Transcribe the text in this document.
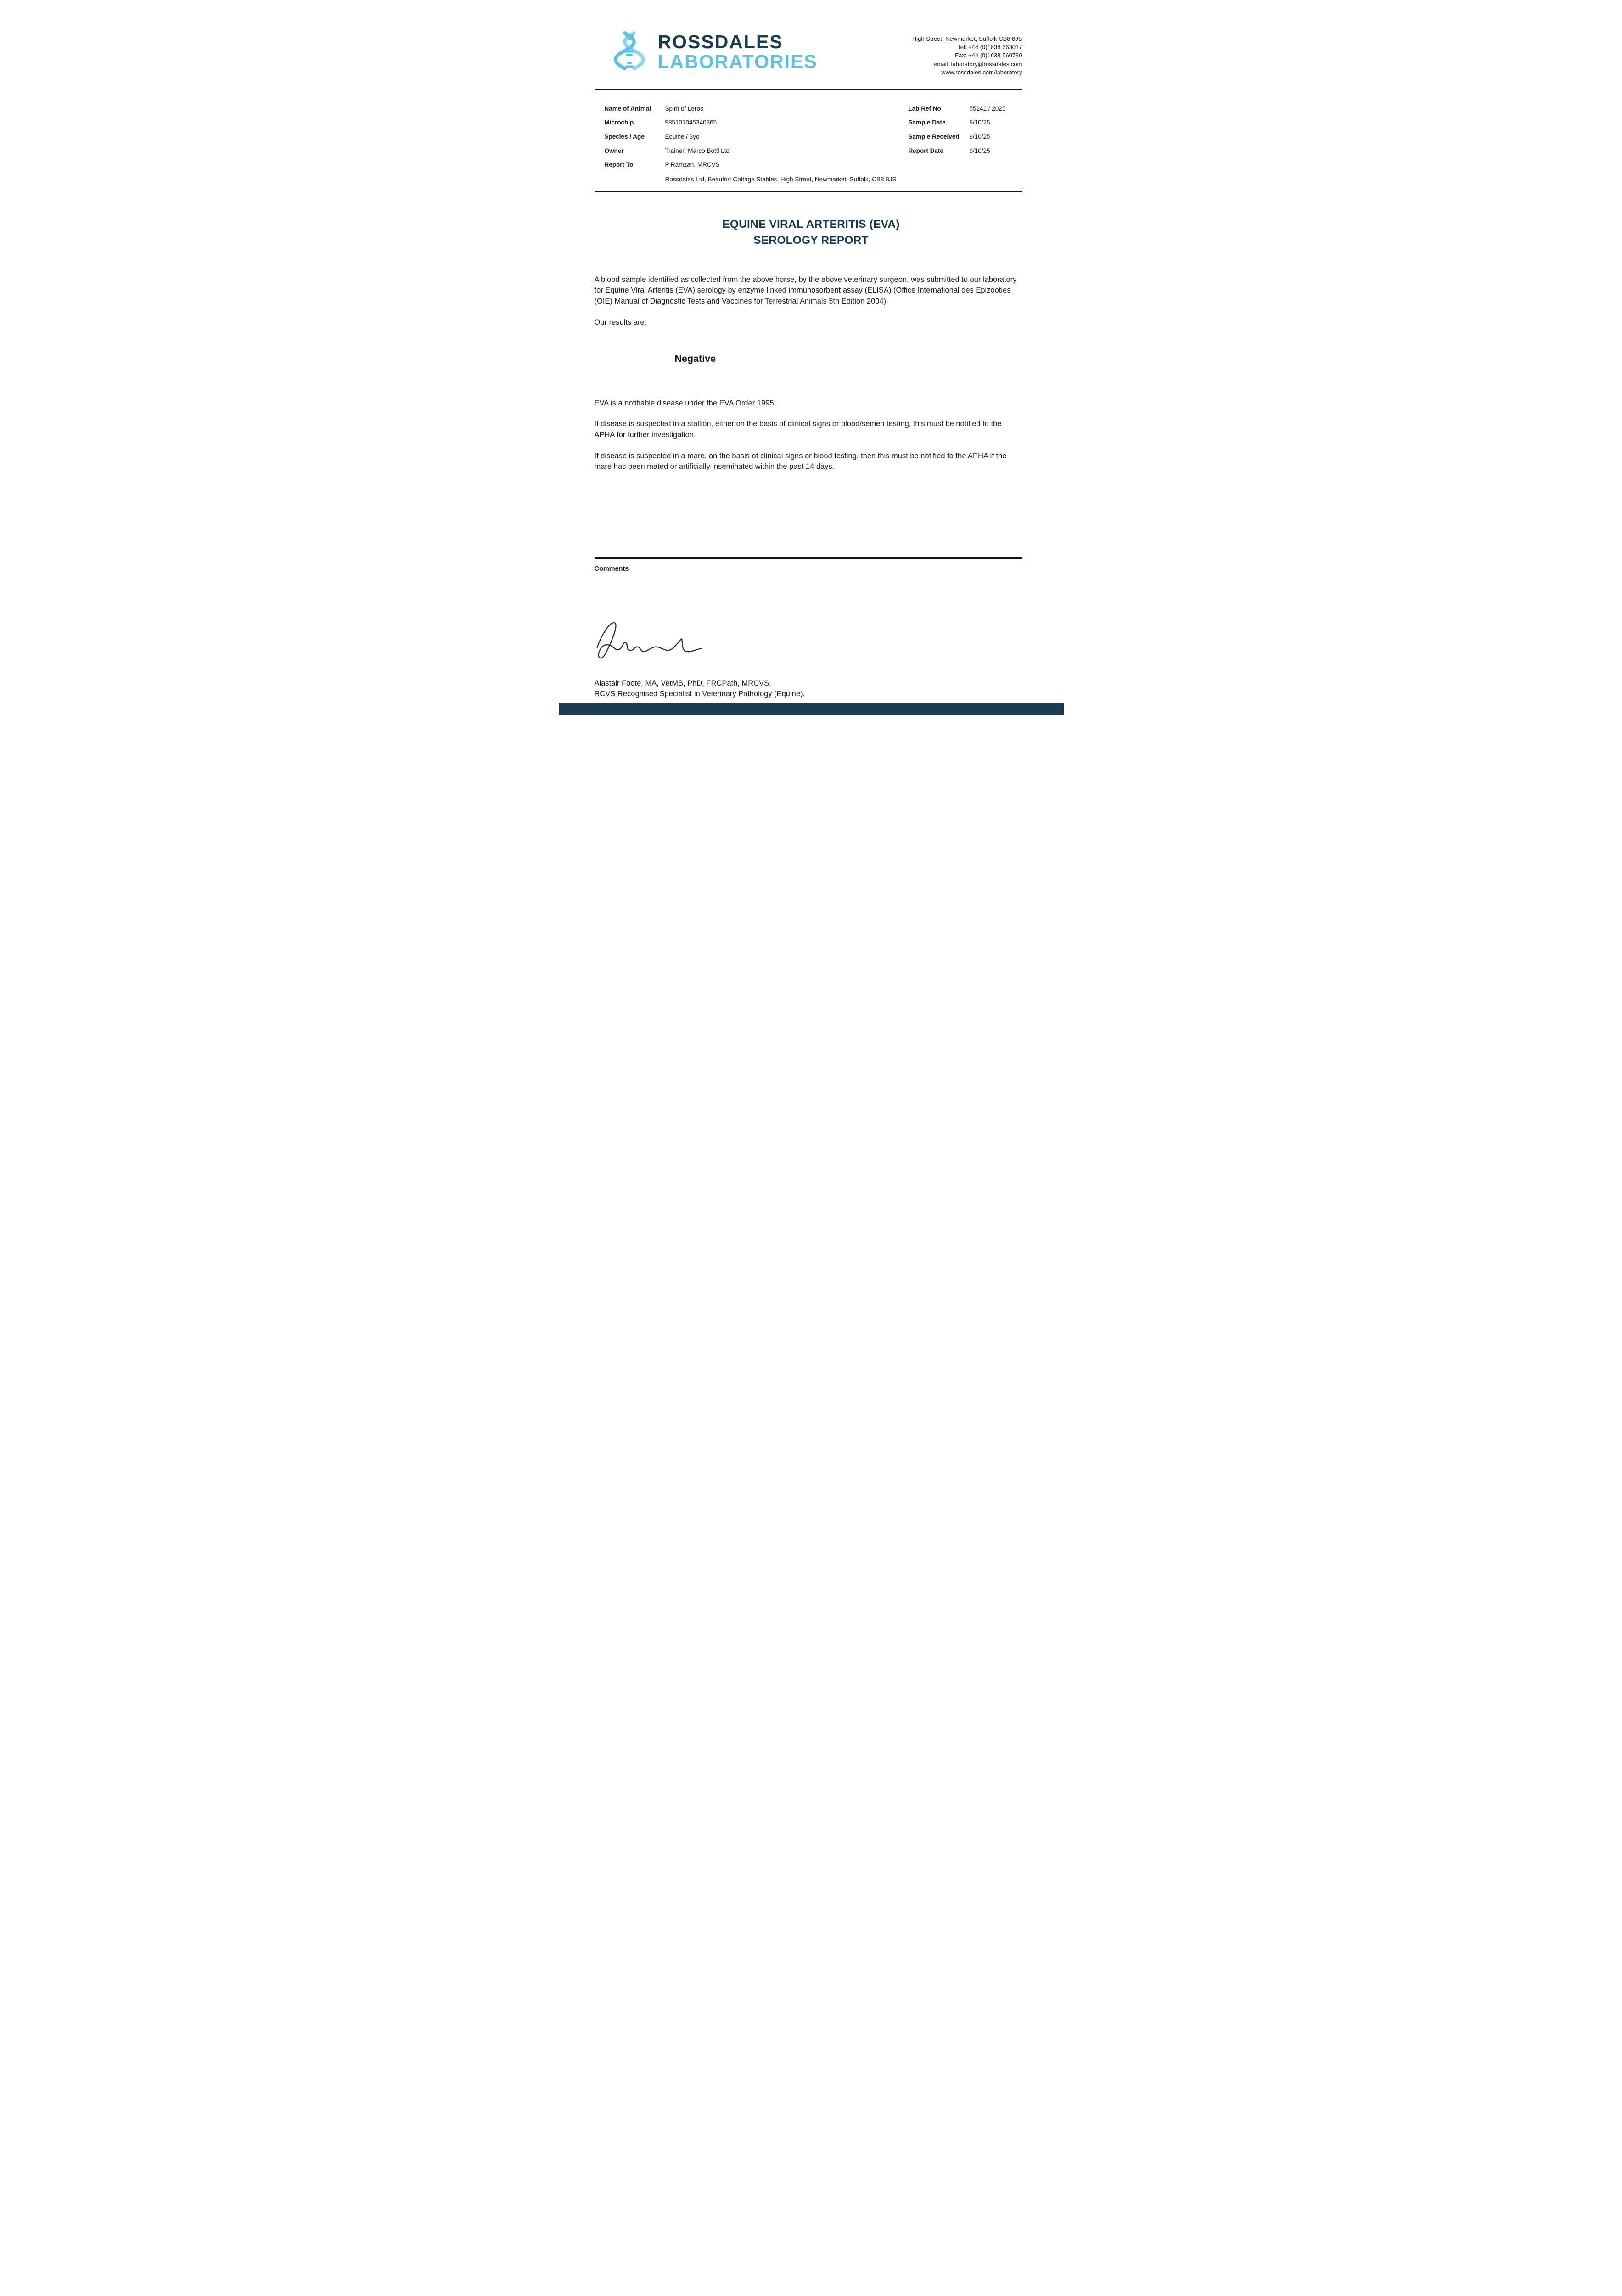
ROSSDALES
LABORATORIES
High Street, Newmarket, Suffolk CB8 8JS
Tel: +44 (0)1638 663017
Fax: +44 (0)1638 560780
email: laboratory@rossdales.com
www.rossdales.com/laboratory
Name of Animal	Spirit of Leros
Microchip	985101045340365
Species / Age	Equine / 3yo
Owner	Trainer: Marco Botti Ltd
Report To	P Ramzan, MRCVS
Lab Ref No	55241 / 2025
Sample Date	9/10/25
Sample Received	9/10/25
Report Date	9/10/25
Rossdales Ltd, Beaufort Cottage Stables, High Street, Newmarket, Suffolk, CB8 8JS
EQUINE VIRAL ARTERITIS (EVA)
SEROLOGY REPORT

A blood sample identified as collected from the above horse, by the above veterinary surgeon, was submitted to our laboratory for Equine Viral Arteritis (EVA) serology by enzyme linked immunosorbent assay (ELISA) (Office International des Epizooties (OIE) Manual of Diagnostic Tests and Vaccines for Terrestrial Animals 5th Edition 2004).

Our results are:

Negative

EVA is a notifiable disease under the EVA Order 1995:

If disease is suspected in a stallion, either on the basis of clinical signs or blood/semen testing, this must be notified to the APHA for further investigation.

If disease is suspected in a mare, on the basis of clinical signs or blood testing, then this must be notified to the APHA if the mare has been mated or artificially inseminated within the past 14 days.

Comments
Alastair Foote, MA, VetMB, PhD, FRCPath, MRCVS.
RCVS Recognised Specialist in Veterinary Pathology (Equine).
